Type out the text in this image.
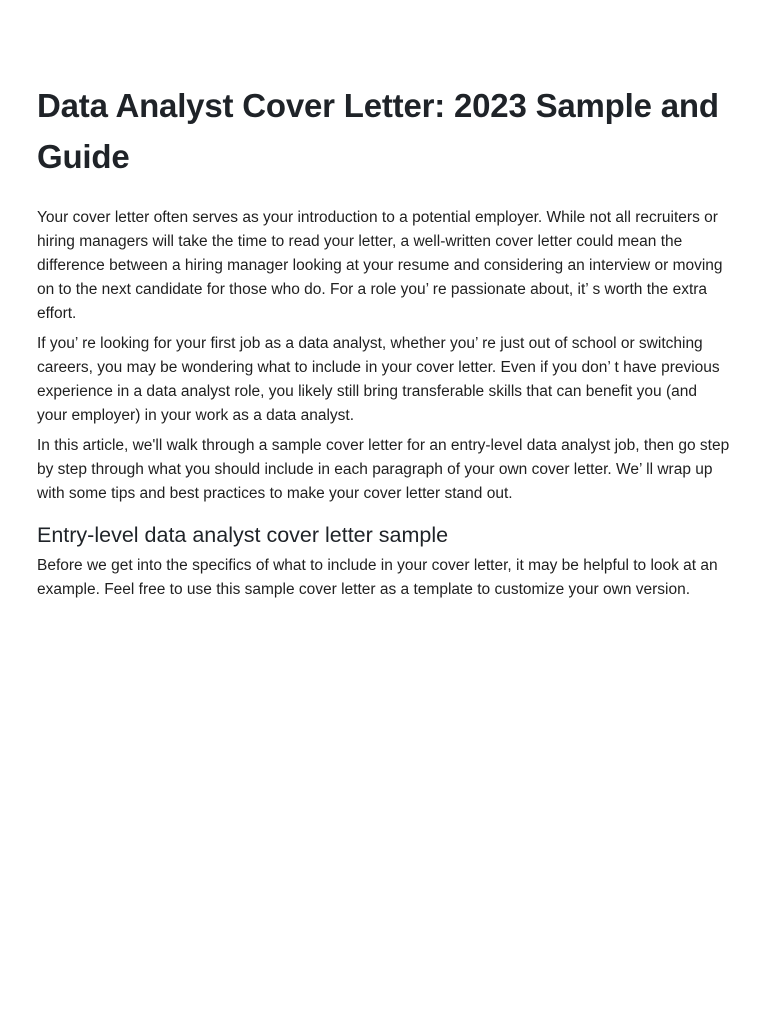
Data Analyst Cover Letter: 2023 Sample and Guide

Your cover letter often serves as your introduction to a potential employer. While not all recruiters or hiring managers will take the time to read your letter, a well-written cover letter could mean the difference between a hiring manager looking at your resume and considering an interview or moving on to the next candidate for those who do. For a role you’ re passionate about, it’ s worth the extra effort.

If you’ re looking for your first job as a data analyst, whether you’ re just out of school or switching careers, you may be wondering what to include in your cover letter. Even if you don’ t have previous experience in a data analyst role, you likely still bring transferable skills that can benefit you (and your employer) in your work as a data analyst.

In this article, we'll walk through a sample cover letter for an entry-level data analyst job, then go step by step through what you should include in each paragraph of your own cover letter. We’ ll wrap up with some tips and best practices to make your cover letter stand out.

Entry-level data analyst cover letter sample

Before we get into the specifics of what to include in your cover letter, it may be helpful to look at an example. Feel free to use this sample cover letter as a template to customize your own version.
